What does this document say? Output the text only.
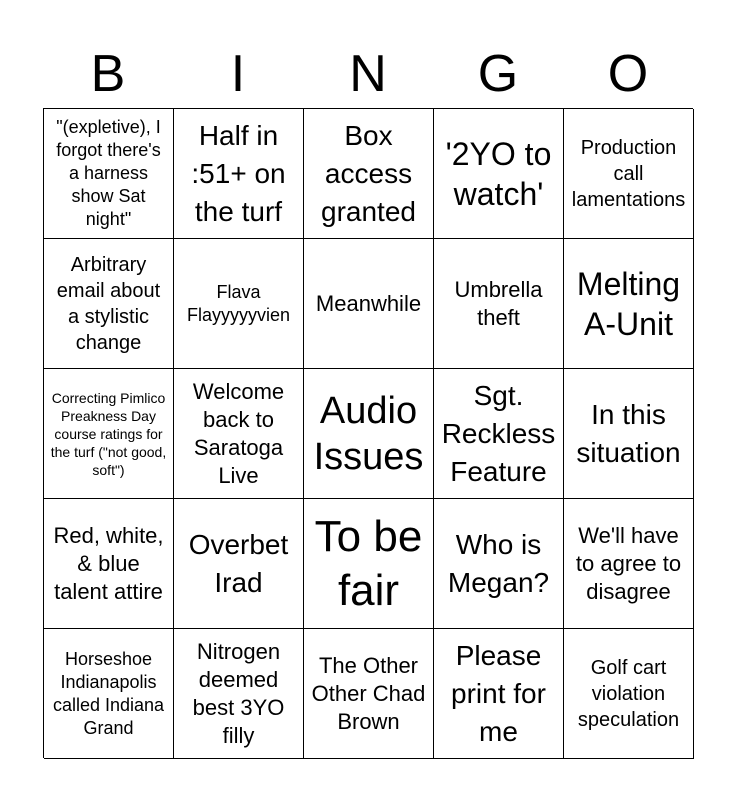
B	I	N	G	O
"(expletive), I forgot there's a harness show Sat night"
Half in :51+ on the turf
Box access granted
'2YO to watch'
Production call lamentations
Arbitrary email about a stylistic change
Flava Flayyyyyvien	Meanwhile
Umbrella theft
Melting A-Unit
Correcting Pimlico Preakness Day course ratings for the turf ("not good, soft")
Welcome back to Saratoga Live
Audio Issues
Sgt. Reckless Feature
In this situation
Red, white, & blue talent attire
Overbet Irad
To be fair
Who is Megan?
We'll have to agree to disagree
Horseshoe Indianapolis called Indiana Grand
Nitrogen deemed best 3YO filly
The Other Other Chad Brown
Please print for me
Golf cart violation speculation
